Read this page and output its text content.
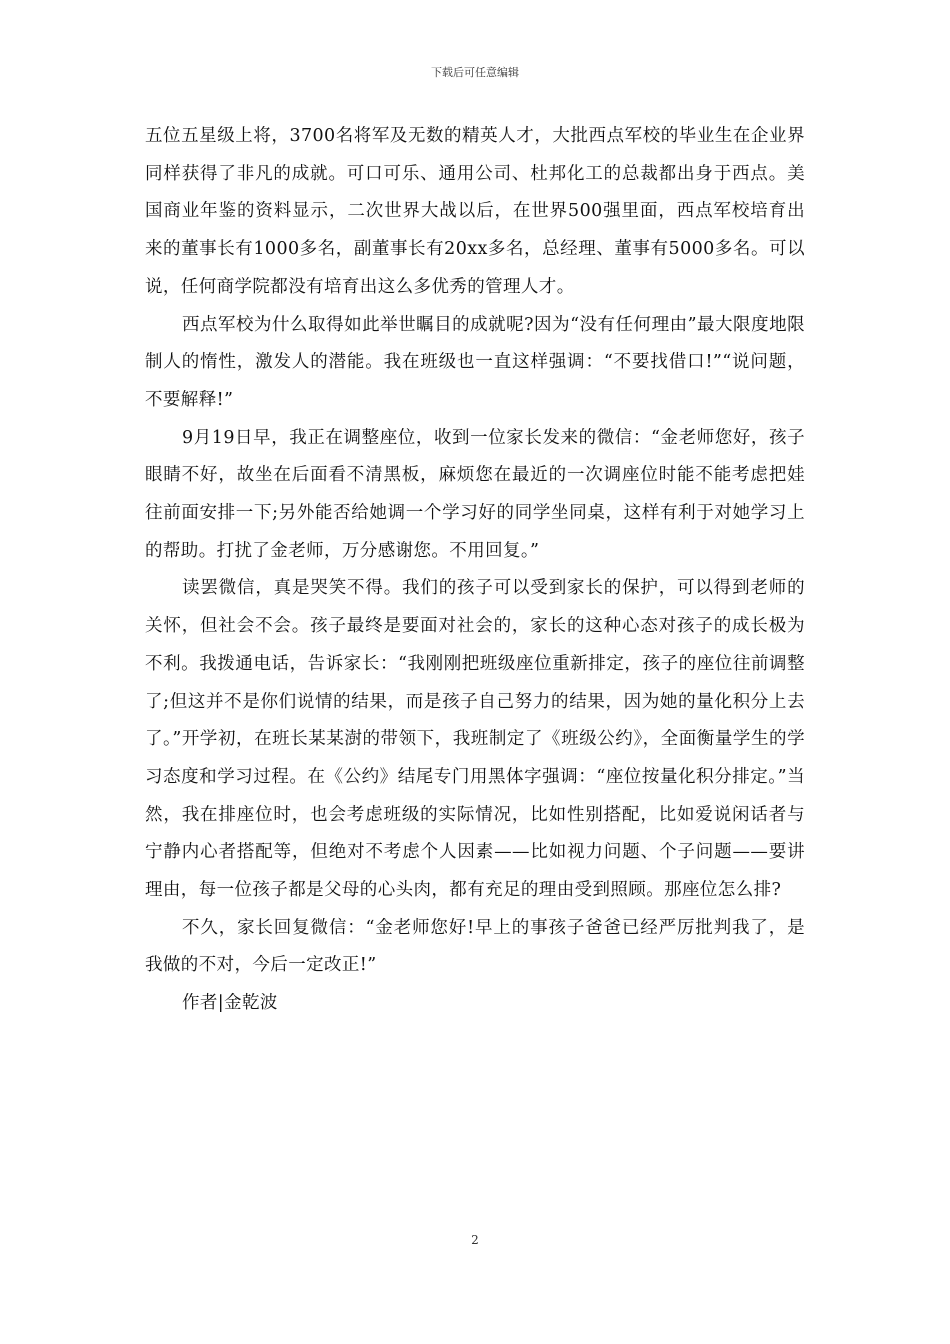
下载后可任意编辑

五位五星级上将，3700名将军及无数的精英人才，大批西点军校的毕业生在企业界同样获得了非凡的成就。可口可乐、通用公司、杜邦化工的总裁都出身于西点。美国商业年鉴的资料显示，二次世界大战以后，在世界500强里面，西点军校培育出来的董事长有1000多名，副董事长有20xx多名，总经理、董事有5000多名。可以说，任何商学院都没有培育出这么多优秀的管理人才。

西点军校为什么取得如此举世瞩目的成就呢?因为“没有任何理由”最大限度地限制人的惰性，激发人的潜能。我在班级也一直这样强调：“不要找借口!”“说问题，不要解释!”

9月19日早，我正在调整座位，收到一位家长发来的微信：“金老师您好，孩子眼睛不好，故坐在后面看不清黑板，麻烦您在最近的一次调座位时能不能考虑把娃往前面安排一下;另外能否给她调一个学习好的同学坐同桌，这样有利于对她学习上的帮助。打扰了金老师，万分感谢您。不用回复。”

读罢微信，真是哭笑不得。我们的孩子可以受到家长的保护，可以得到老师的关怀，但社会不会。孩子最终是要面对社会的，家长的这种心态对孩子的成长极为不利。我拨通电话，告诉家长：“我刚刚把班级座位重新排定，孩子的座位往前调整了;但这并不是你们说情的结果，而是孩子自己努力的结果，因为她的量化积分上去了。”开学初，在班长某某澍的带领下，我班制定了《班级公约》，全面衡量学生的学习态度和学习过程。在《公约》结尾专门用黑体字强调：“座位按量化积分排定。”当然，我在排座位时，也会考虑班级的实际情况，比如性别搭配，比如爱说闲话者与宁静内心者搭配等，但绝对不考虑个人因素——比如视力问题、个子问题——要讲理由，每一位孩子都是父母的心头肉，都有充足的理由受到照顾。那座位怎么排?

不久，家长回复微信：“金老师您好!早上的事孩子爸爸已经严厉批判我了，是我做的不对，今后一定改正!”

作者|金乾波

2
